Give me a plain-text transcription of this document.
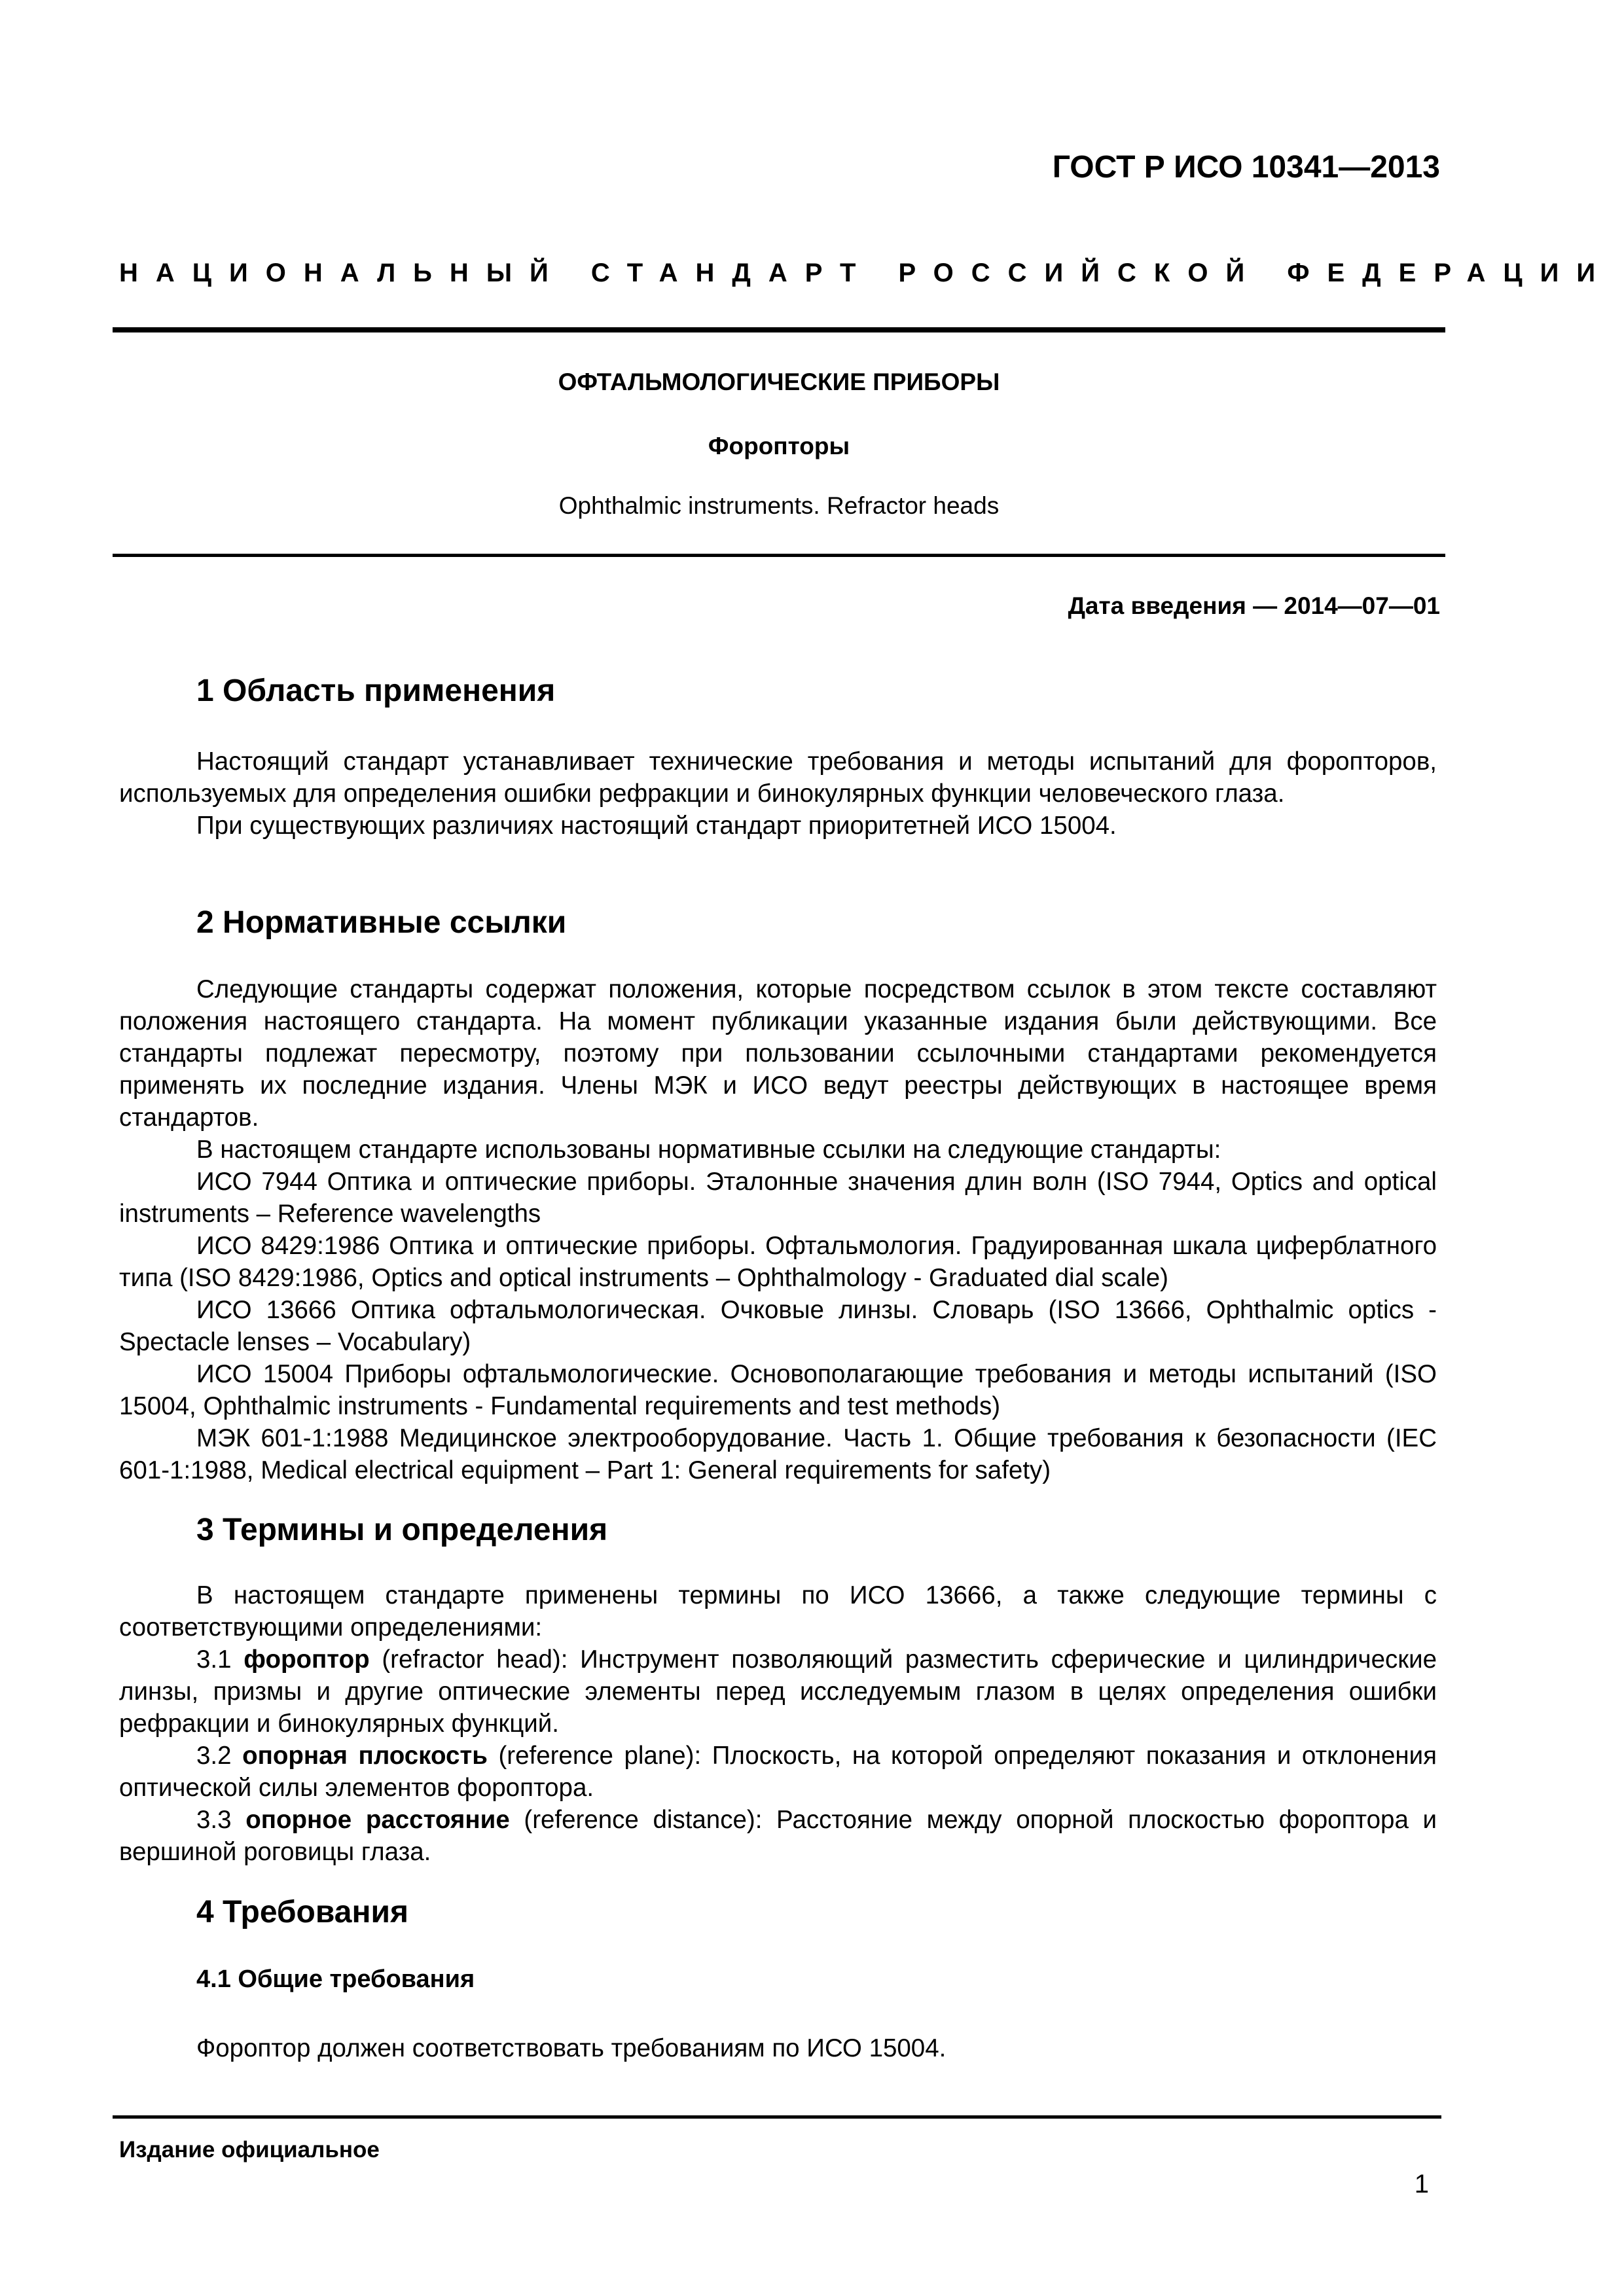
ГОСТ Р ИСО 10341—2013
НАЦИОНАЛЬНЫЙ СТАНДАРТ РОССИЙСКОЙ ФЕДЕРАЦИИ
ОФТАЛЬМОЛОГИЧЕСКИЕ ПРИБОРЫ
Форопторы
Ophthalmic instruments. Refractor heads
Дата введения — 2014—07—01
1 Область применения

Настоящий стандарт устанавливает технические требования и методы испытаний для форопторов, используемых для определения ошибки рефракции и бинокулярных функции человеческого глаза.

При существующих различиях настоящий стандарт приоритетней ИСО 15004.

2 Нормативные ссылки

Следующие стандарты содержат положения, которые посредством ссылок в этом тексте составляют положения настоящего стандарта. На момент публикации указанные издания были действующими. Все стандарты подлежат пересмотру, поэтому при пользовании ссылочными стандартами рекомендуется применять их последние издания. Члены МЭК и ИСО ведут реестры действующих в настоящее время стандартов.

В настоящем стандарте использованы нормативные ссылки на следующие стандарты:

ИСО 7944 Оптика и оптические приборы. Эталонные значения длин волн (ISO 7944, Optics and optical instruments – Reference wavelengths

ИСО 8429:1986 Оптика и оптические приборы. Офтальмология. Градуированная шкала циферблатного типа (ISO 8429:1986, Optics and optical instruments – Ophthalmology - Graduated dial scale)

ИСО 13666 Оптика офтальмологическая. Очковые линзы. Словарь (ISO 13666, Ophthalmic optics - Spectacle lenses – Vocabulary)

ИСО 15004 Приборы офтальмологические. Основополагающие требования и методы испытаний (ISO 15004, Ophthalmic instruments - Fundamental requirements and test methods)

МЭК 601-1:1988 Медицинское электрооборудование. Часть 1. Общие требования к безопасности (IEC 601-1:1988, Medical electrical equipment – Part 1: General requirements for safety)

3 Термины и определения

В настоящем стандарте применены термины по ИСО 13666, а также следующие термины с соответствующими определениями:

3.1 фороптор (refractor head): Инструмент позволяющий разместить сферические и цилиндрические линзы, призмы и другие оптические элементы перед исследуемым глазом в целях определения ошибки рефракции и бинокулярных функций.

3.2 опорная плоскость (reference plane): Плоскость, на которой определяют показания и отклонения оптической силы элементов фороптора.

3.3 опорное расстояние (reference distance): Расстояние между опорной плоскостью фороптора и вершиной роговицы глаза.

4 Требования
4.1 Общие требования

Фороптор должен соответствовать требованиям по ИСО 15004.

Издание официальное
1
